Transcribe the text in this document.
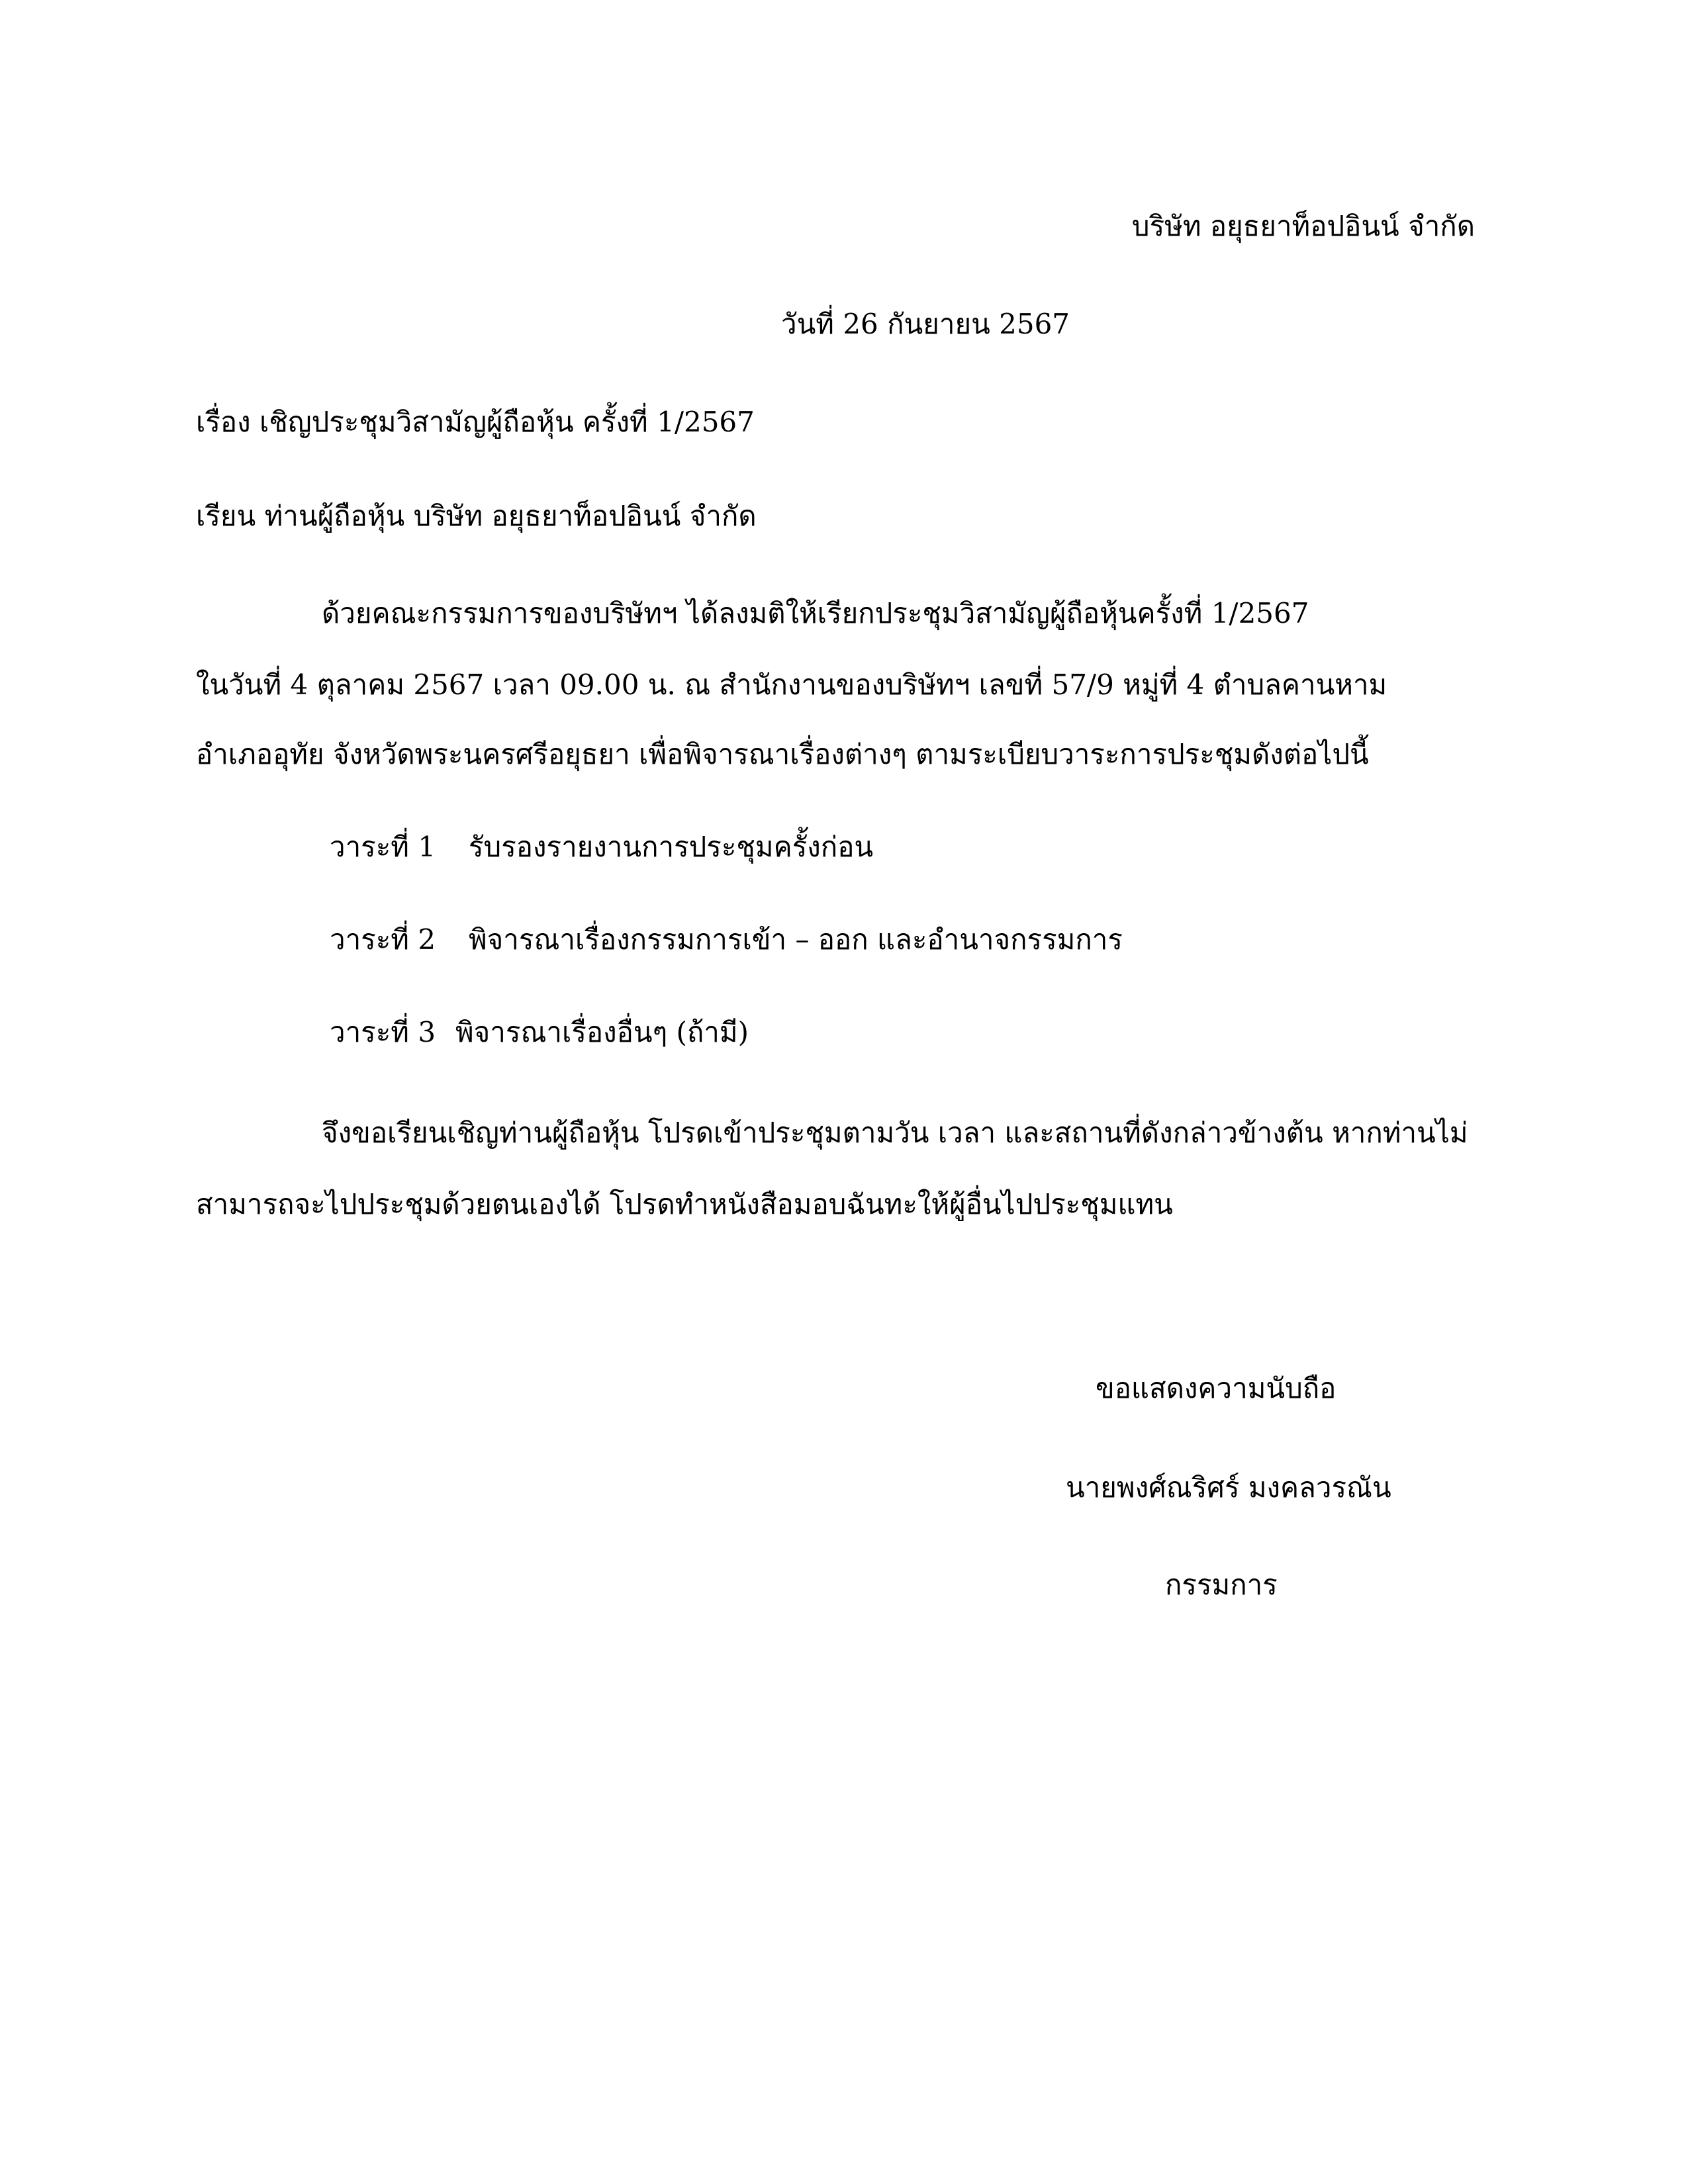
บริษัท อยุธยาท็อปอินน์ จำกัด
วันที่ 26 กันยายน 2567
เรื่อง เชิญประชุมวิสามัญผู้ถือหุ้น ครั้งที่ 1/2567
เรียน ท่านผู้ถือหุ้น บริษัท อยุธยาท็อปอินน์ จำกัด
ด้วยคณะกรรมการของบริษัทฯ ได้ลงมติให้เรียกประชุมวิสามัญผู้ถือหุ้นครั้งที่ 1/2567
ในวันที่ 4 ตุลาคม 2567 เวลา 09.00 น. ณ สำนักงานของบริษัทฯ เลขที่ 57/9 หมู่ที่ 4 ตำบลคานหาม
อำเภออุทัย จังหวัดพระนครศรีอยุธยา เพื่อพิจารณาเรื่องต่างๆ ตามระเบียบวาระการประชุมดังต่อไปนี้
วาระที่ 1 รับรองรายงานการประชุมครั้งก่อน
วาระที่ 2 พิจารณาเรื่องกรรมการเข้า – ออก และอำนาจกรรมการ
วาระที่ 3 พิจารณาเรื่องอื่นๆ (ถ้ามี)
จึงขอเรียนเชิญท่านผู้ถือหุ้น โปรดเข้าประชุมตามวัน เวลา และสถานที่ดังกล่าวข้างต้น หากท่านไม่
สามารถจะไปประชุมด้วยตนเองได้ โปรดทำหนังสือมอบฉันทะให้ผู้อื่นไปประชุมแทน
ขอแสดงความนับถือ
นายพงศ์ณริศร์ มงคลวรณัน
กรรมการ
